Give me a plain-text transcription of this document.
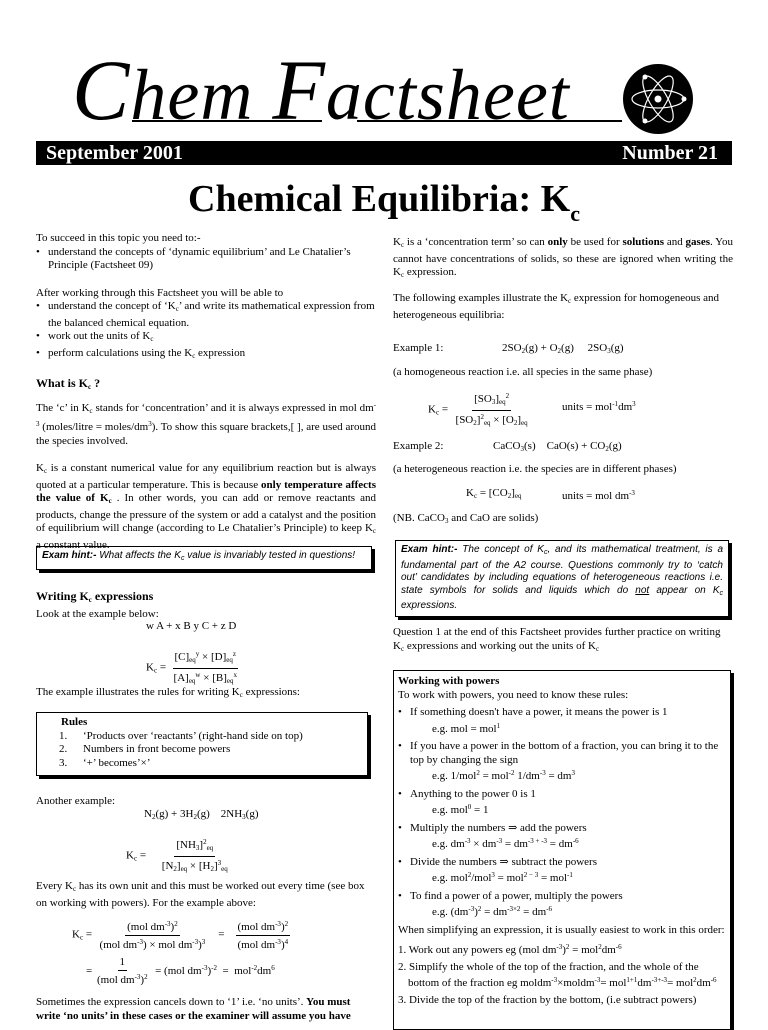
Chem Factsheet
September 2001	Number 21
Chemical Equilibria: $K_c$
To succeed in this topic you need to:-
• understand the concepts of ‘dynamic equilibrium’ and Le Chatalier’s Principle (Factsheet 09)
After working through this Factsheet you will be able to
• understand the concept of ‘$K_c$’ and write its mathematical expression from the balanced chemical equation.
• work out the units of $K_c$
• perform calculations using the $K_c$ expression
What is $K_c$ ?
The ‘c’ in $K_c$ stands for ‘concentration’ and it is always expressed in mol $dm^{-3}$ (moles/litre = moles/$dm^3$). To show this square brackets,[ ], are used around the species involved.
$K_c$ is a constant numerical value for any equilibrium reaction but is always quoted at a particular temperature. This is because only temperature affects the value of $K_c$ . In other words, you can add or remove reactants and products, change the pressure of the system or add a catalyst and the position of equilibrium will change (according to Le Chatalier’s Principle) to keep $K_c$ a constant value.
Exam hint:- What affects the $K_c$ value is invariably tested in questions!
Writing $K_c$ expressions
Look at the example below:
w A + x B y C + z D
$K_c = \frac{[C]_{eq}^y \times [D]_{eq}^z}{[A]_{eq}^w \times [B]_{eq}^x}$
The example illustrates the rules for writing $K_c$ expressions:
Rules
1. ‘Products over ‘reactants’ (right-hand side on top)
2. Numbers in front become powers
3. ‘+’ becomes’×’
Another example:
$N_2(g) + 3H_2(g)$    $2NH_3(g)$
$K_c = \frac{[NH_3]^2_{eq}}{[N_2]_{eq} \times [H_2]^3_{eq}}$
Every $K_c$ has its own unit and this must be worked out every time (see box on working with powers). For the example above:
$K_c = \frac{(mol dm^{-3})^2}{(mol dm^{-3}) \times mol dm^{-3})^3} = \frac{(mol dm^{-3})^2}{(mol dm^{-3})^4}$
= $\frac{1}{(mol dm^{-3})^2} = (mol$ $dm^{-3})^{-2} = mol^{-2}dm^6$
Sometimes the expression cancels down to ‘1’ i.e. ‘no units’. You must write ‘no units’ in these cases or the examiner will assume you have
$K_c$ is a ‘concentration term’ so can only be used for solutions and gases. You cannot have concentrations of solids, so these are ignored when writing the $K_c$ expression.
The following examples illustrate the $K_c$ expression for homogeneous and heterogeneous equilibria:
Example 1:	$2SO_2(g) + O_2(g)$     $2SO_3(g)$
(a homogeneous reaction i.e. all species in the same phase)
$K_c = \frac{[SO_3]_{eq}^2}{[SO_2]^2_{eq} \times [O_2]_{eq}}$	units = $mol^{-1}dm^3$
Example 2:	CaCO$_3$(s)    $CaO(s) + CO_2(g)$
(a heterogeneous reaction i.e. the species are in different phases)
$K_c = [CO_2]_{eq}$	units = mol $dm^{-3}$
(NB. CaCO$_3$ and CaO are solids)
Exam hint:- The concept of $K_c$, and its mathematical treatment, is a fundamental part of the A2 course. Questions commonly try to ‘catch out’ candidates by including equations of heterogeneous reactions i.e. state symbols for solids and liquids which do not appear on $K_c$ expressions.
Question 1 at the end of this Factsheet provides further practice on writing $K_c$ expressions and working out the units of $K_c$
Working with powers
To work with powers, you need to know these rules:
• If something doesn't have a power, it means the power is 1
e.g. mol = mol$^1$
• If you have a power in the bottom of a fraction, you can bring it to the top by changing the sign
e.g. 1/mol$^2$ = mol$^{-2}$ $1/dm^{-3} = dm^3$
• Anything to the power 0 is 1
e.g. mol$^0$ = 1
• Multiply the numbers ⇒ add the powers
e.g. $dm^{-3} \times dm^{-3} = dm^{-3 + -3} = dm^{-6}$
• Divide the numbers ⇒ subtract the powers
e.g. mol$^2$/mol$^3$ = mol$^{2 - 3}$ = mol$^{-1}$
• To find a power of a power, multiply the powers
e.g. $(dm^{-3})^2 = dm^{-3\times 2} = dm^{-6}$
When simplifying an expression, it is usually easiest to work in this order:
1. Work out any powers eg (mol $dm^{-3})^2 = mol^2dm^{-6}$
2. Simplify the whole of the top of the fraction, and the whole of the bottom of the fraction eg moldm$^{-3}$×moldm$^{-3}$= $mol^{1+1}dm^{-3+-3}= mol^2dm^{-6}$
3. Divide the top of the fraction by the bottom, (i.e subtract powers)
